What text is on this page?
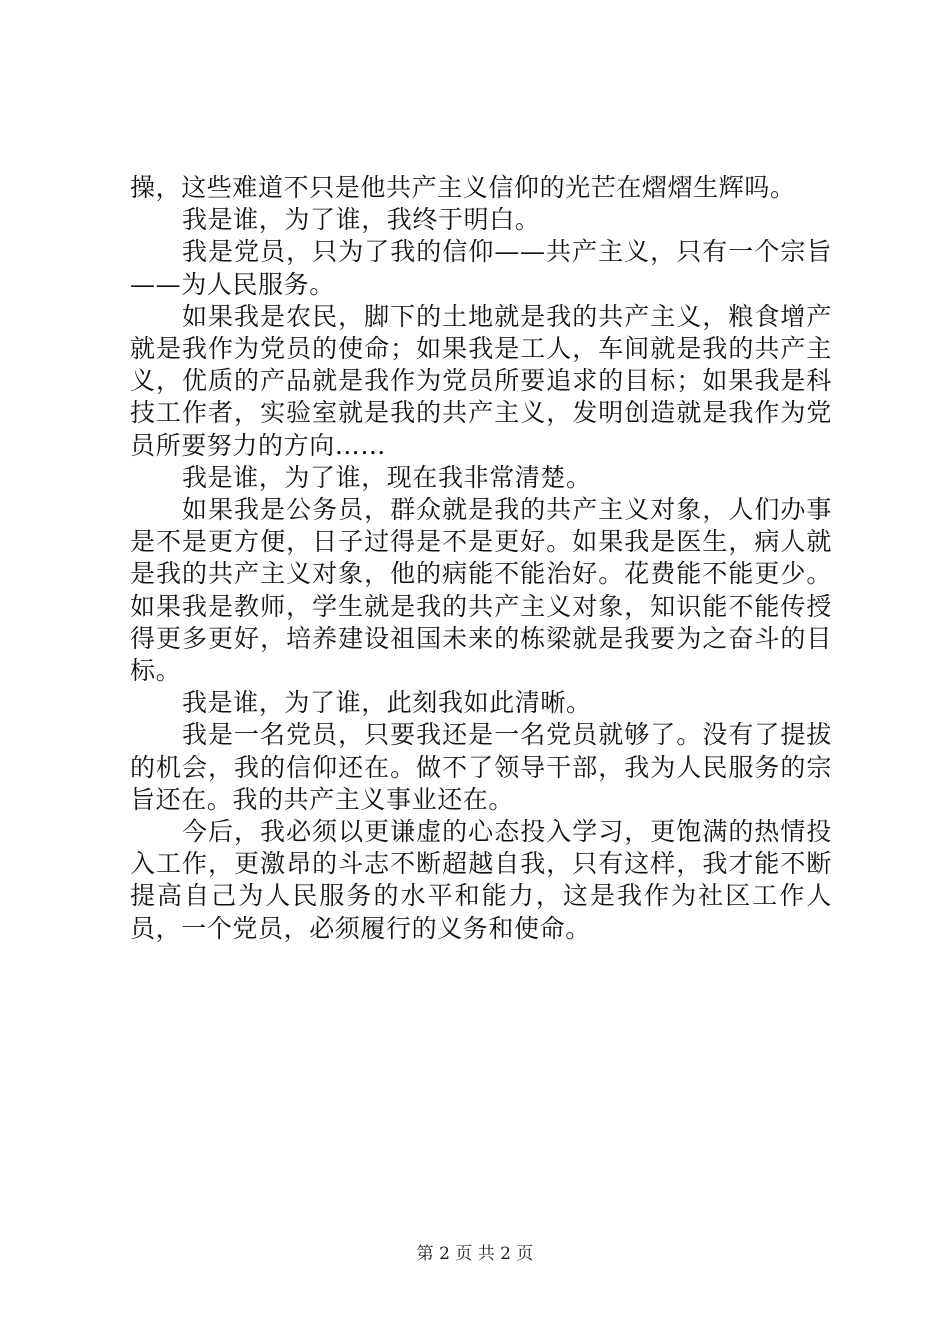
操，这些难道不只是他共产主义信仰的光芒在熠熠生辉吗。

我是谁，为了谁，我终于明白。

我是党员，只为了我的信仰——共产主义，只有一个宗旨——为人民服务。

如果我是农民，脚下的土地就是我的共产主义，粮食增产就是我作为党员的使命；如果我是工人，车间就是我的共产主义，优质的产品就是我作为党员所要追求的目标；如果我是科技工作者，实验室就是我的共产主义，发明创造就是我作为党员所要努力的方向……

我是谁，为了谁，现在我非常清楚。

如果我是公务员，群众就是我的共产主义对象，人们办事是不是更方便，日子过得是不是更好。如果我是医生，病人就是我的共产主义对象，他的病能不能治好。花费能不能更少。如果我是教师，学生就是我的共产主义对象，知识能不能传授得更多更好，培养建设祖国未来的栋梁就是我要为之奋斗的目标。

我是谁，为了谁，此刻我如此清晰。

我是一名党员，只要我还是一名党员就够了。没有了提拔的机会，我的信仰还在。做不了领导干部，我为人民服务的宗旨还在。我的共产主义事业还在。

今后，我必须以更谦虚的心态投入学习，更饱满的热情投入工作，更激昂的斗志不断超越自我，只有这样，我才能不断提高自己为人民服务的水平和能力，这是我作为社区工作人员，一个党员，必须履行的义务和使命。

第 2 页 共 2 页
